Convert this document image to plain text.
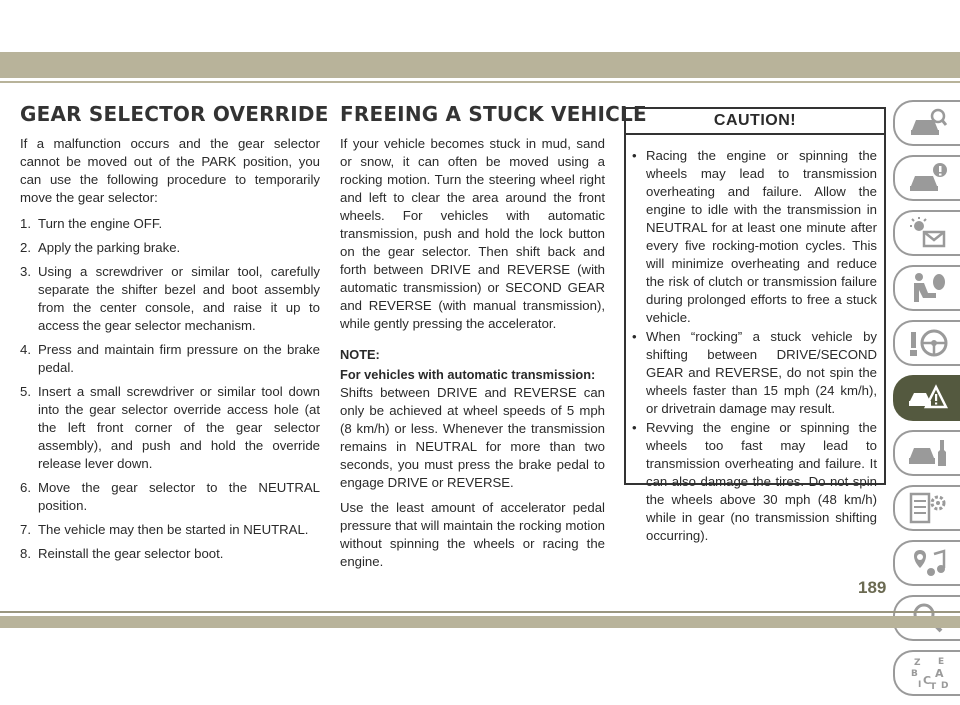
GEAR SELECTOR OVERRIDE FREEING A STUCK VEHICLE

If a malfunction occurs and the gear selector cannot be moved out of the PARK position, you can use the following procedure to temporarily move the gear selector:

1. Turn the engine OFF.
2. Apply the parking brake.
3. Using a screwdriver or similar tool, carefully separate the shifter bezel and boot assembly from the center console, and raise it up to access the gear selector mechanism.
4. Press and maintain firm pressure on the brake pedal.
5. Insert a small screwdriver or similar tool down into the gear selector override access hole (at the left front corner of the gear selector assembly), and push and hold the override release lever down.
6. Move the gear selector to the NEUTRAL position.
7. The vehicle may then be started in NEUTRAL.
8. Reinstall the gear selector boot.

If your vehicle becomes stuck in mud, sand or snow, it can often be moved using a rocking motion. Turn the steering wheel right and left to clear the area around the front wheels. For vehicles with automatic transmission, push and hold the lock button on the gear selector. Then shift back and forth between DRIVE and REVERSE (with automatic transmission) or SECOND GEAR and REVERSE (with manual transmission), while gently pressing the accelerator.

NOTE:
For vehicles with automatic transmission:

Shifts between DRIVE and REVERSE can only be achieved at wheel speeds of 5 mph (8 km/h) or less. Whenever the transmission remains in NEUTRAL for more than two seconds, you must press the brake pedal to engage DRIVE or REVERSE.

Use the least amount of accelerator pedal pressure that will maintain the rocking motion without spinning the wheels or racing the engine.

CAUTION!
• Racing the engine or spinning the wheels may lead to transmission overheating and failure. Allow the engine to idle with the transmission in NEUTRAL for at least one minute after every five rocking-motion cycles. This will minimize overheating and reduce the risk of clutch or transmission failure during prolonged efforts to free a stuck vehicle.
• When “rocking” a stuck vehicle by shifting between DRIVE/SECOND GEAR and REVERSE, do not spin the wheels faster than 15 mph (24 km/h), or drivetrain damage may result.
• Revving the engine or spinning the wheels too fast may lead to transmission overheating and failure. It can also damage the tires. Do not spin the wheels above 30 mph (48 km/h) while in gear (no transmission shifting occurring).
Z E
B A
I C
T D
189
